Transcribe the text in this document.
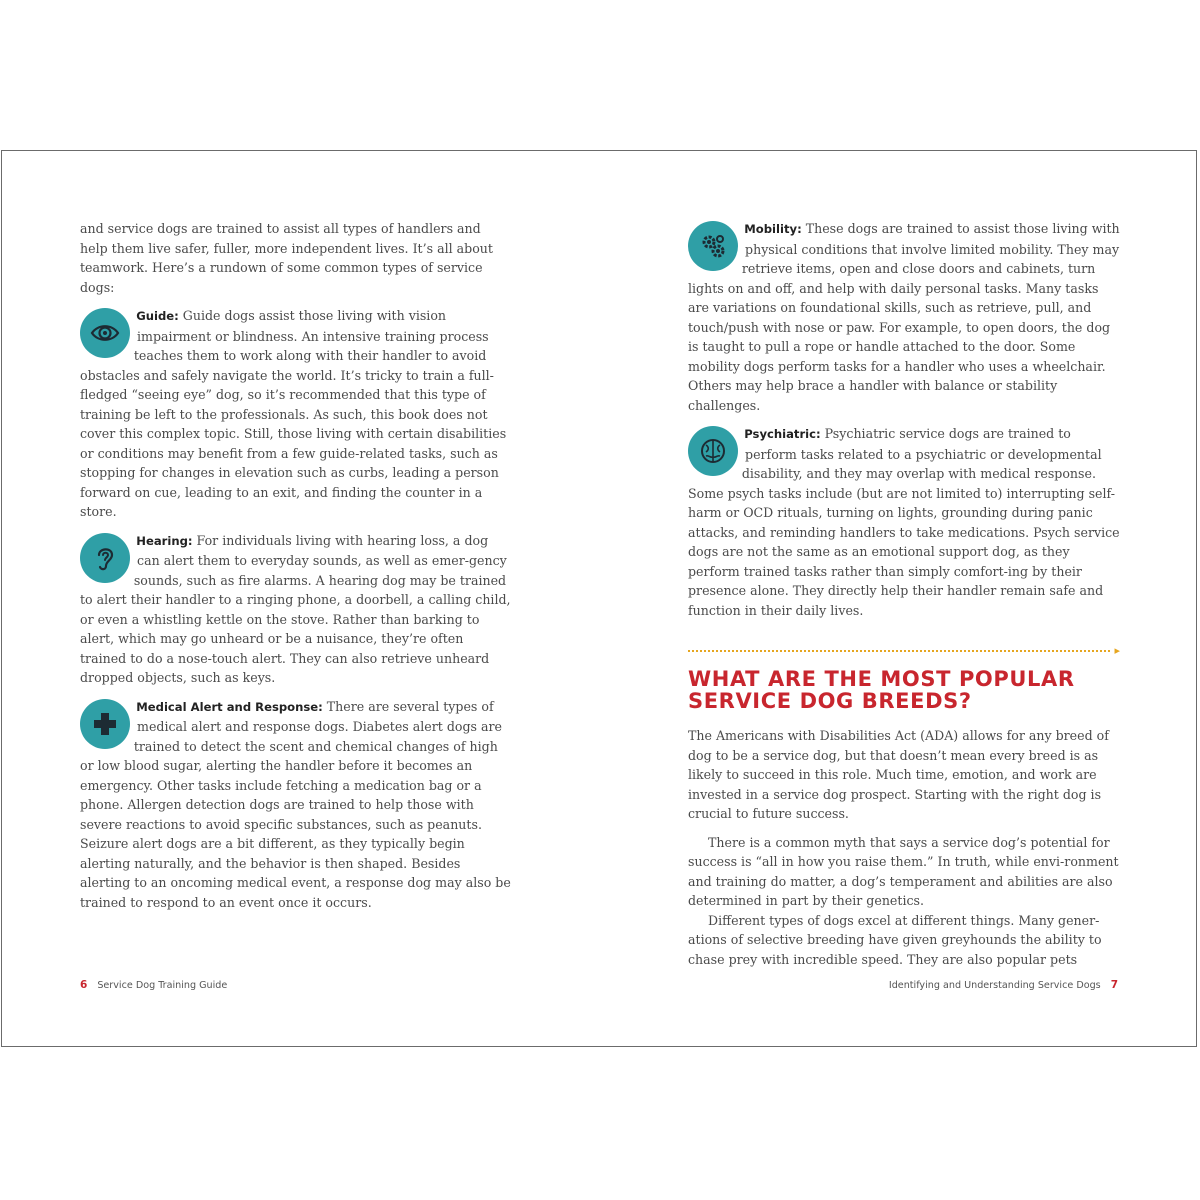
and service dogs are trained to assist all types of handlers and help them live safer, fuller, more independent lives. It’s all about teamwork. Here’s a rundown of some common types of service dogs:

Guide: Guide dogs assist those living with vision impairment or blindness. An intensive training process teaches them to work along with their handler to avoid obstacles and safely navigate the world. It’s tricky to train a full-fledged “seeing eye” dog, so it’s recommended that this type of training be left to the professionals. As such, this book does not cover this complex topic. Still, those living with certain disabilities or conditions may benefit from a few guide-related tasks, such as stopping for changes in elevation such as curbs, leading a person forward on cue, leading to an exit, and finding the counter in a store.
Hearing: For individuals living with hearing loss, a dog can alert them to everyday sounds, as well as emer-gency sounds, such as fire alarms. A hearing dog may be trained to alert their handler to a ringing phone, a doorbell, a calling child, or even a whistling kettle on the stove. Rather than barking to alert, which may go unheard or be a nuisance, they’re often trained to do a nose-touch alert. They can also retrieve unheard dropped objects, such as keys.
Medical Alert and Response: There are several types of medical alert and response dogs. Diabetes alert dogs are trained to detect the scent and chemical changes of high or low blood sugar, alerting the handler before it becomes an emergency. Other tasks include fetching a medication bag or a phone. Allergen detection dogs are trained to help those with severe reactions to avoid specific substances, such as peanuts. Seizure alert dogs are a bit different, as they typically begin alerting naturally, and the behavior is then shaped. Besides alerting to an oncoming medical event, a response dog may also be trained to respond to an event once it occurs.
6 Service Dog Training Guide
Mobility: These dogs are trained to assist those living with physical conditions that involve limited mobility. They may retrieve items, open and close doors and cabinets, turn lights on and off, and help with daily personal tasks. Many tasks are variations on foundational skills, such as retrieve, pull, and touch/push with nose or paw. For example, to open doors, the dog is taught to pull a rope or handle attached to the door. Some mobility dogs perform tasks for a handler who uses a wheelchair. Others may help brace a handler with balance or stability challenges.
Psychiatric: Psychiatric service dogs are trained to perform tasks related to a psychiatric or developmental disability, and they may overlap with medical response. Some psych tasks include (but are not limited to) interrupting self-harm or OCD rituals, turning on lights, grounding during panic attacks, and reminding handlers to take medications. Psych service dogs are not the same as an emotional support dog, as they perform trained tasks rather than simply comfort-ing by their presence alone. They directly help their handler remain safe and function in their daily lives.
▸
WHAT ARE THE MOST POPULAR SERVICE DOG BREEDS?

The Americans with Disabilities Act (ADA) allows for any breed of dog to be a service dog, but that doesn’t mean every breed is as likely to succeed in this role. Much time, emotion, and work are invested in a service dog prospect. Starting with the right dog is crucial to future success.

There is a common myth that says a service dog’s potential for success is “all in how you raise them.” In truth, while envi-ronment and training do matter, a dog’s temperament and abilities are also determined in part by their genetics.

Different types of dogs excel at different things. Many gener-ations of selective breeding have given greyhounds the ability to chase prey with incredible speed. They are also popular pets

Identifying and Understanding Service Dogs 7
